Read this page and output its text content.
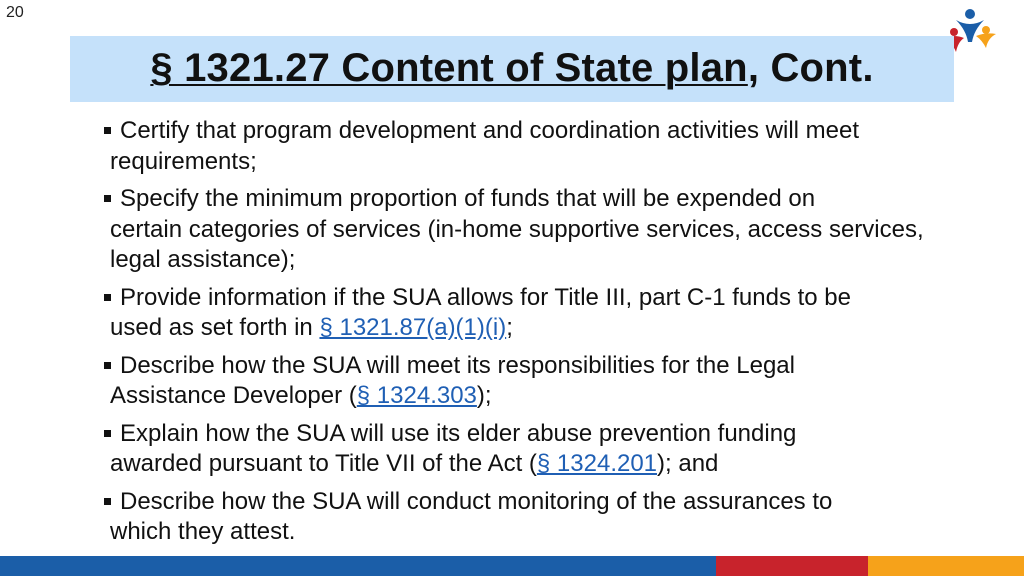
20
§ 1321.27 Content of State plan, Cont.
Certify that program development and coordination activities will meet
requirements;
Specify the minimum proportion of funds that will be expended on
certain categories of services (in-home supportive services, access services, legal assistance);
Provide information if the SUA allows for Title III, part C-1 funds to be
used as set forth in § 1321.87(a)(1)(i);
Describe how the SUA will meet its responsibilities for the Legal
Assistance Developer (§ 1324.303);
Explain how the SUA will use its elder abuse prevention funding
awarded pursuant to Title VII of the Act (§ 1324.201); and
Describe how the SUA will conduct monitoring of the assurances to
which they attest.
